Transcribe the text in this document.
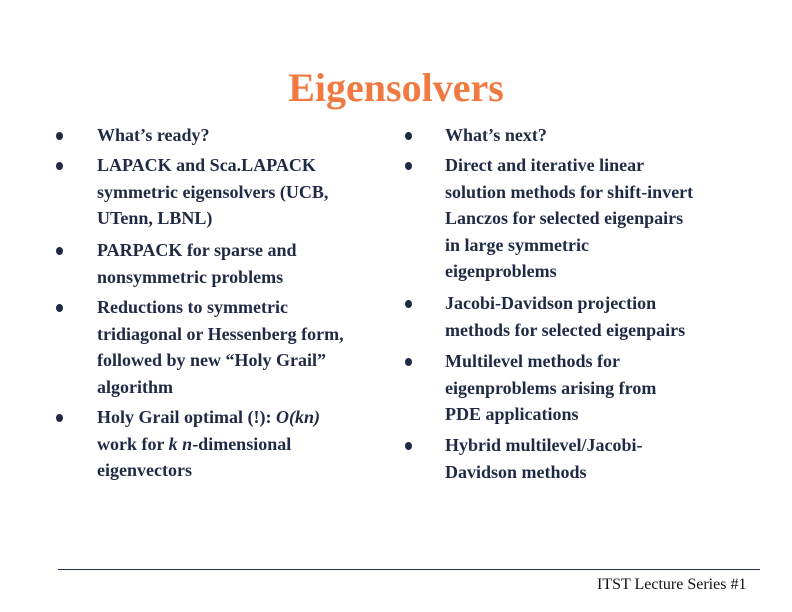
Eigensolvers
What’s ready?
LAPACK and Sca.LAPACK
symmetric eigensolvers (UCB,
UTenn, LBNL)
PARPACK for sparse and
nonsymmetric problems
Reductions to symmetric
tridiagonal or Hessenberg form,
followed by new “Holy Grail”
algorithm
Holy Grail optimal (!): O(kn)
work for k n-dimensional
eigenvectors
What’s next?
Direct and iterative linear
solution methods for shift-invert
Lanczos for selected eigenpairs
in large symmetric
eigenproblems
Jacobi-Davidson projection
methods for selected eigenpairs
Multilevel methods for
eigenproblems arising from
PDE applications
Hybrid multilevel/Jacobi-
Davidson methods
ITST Lecture Series #1
